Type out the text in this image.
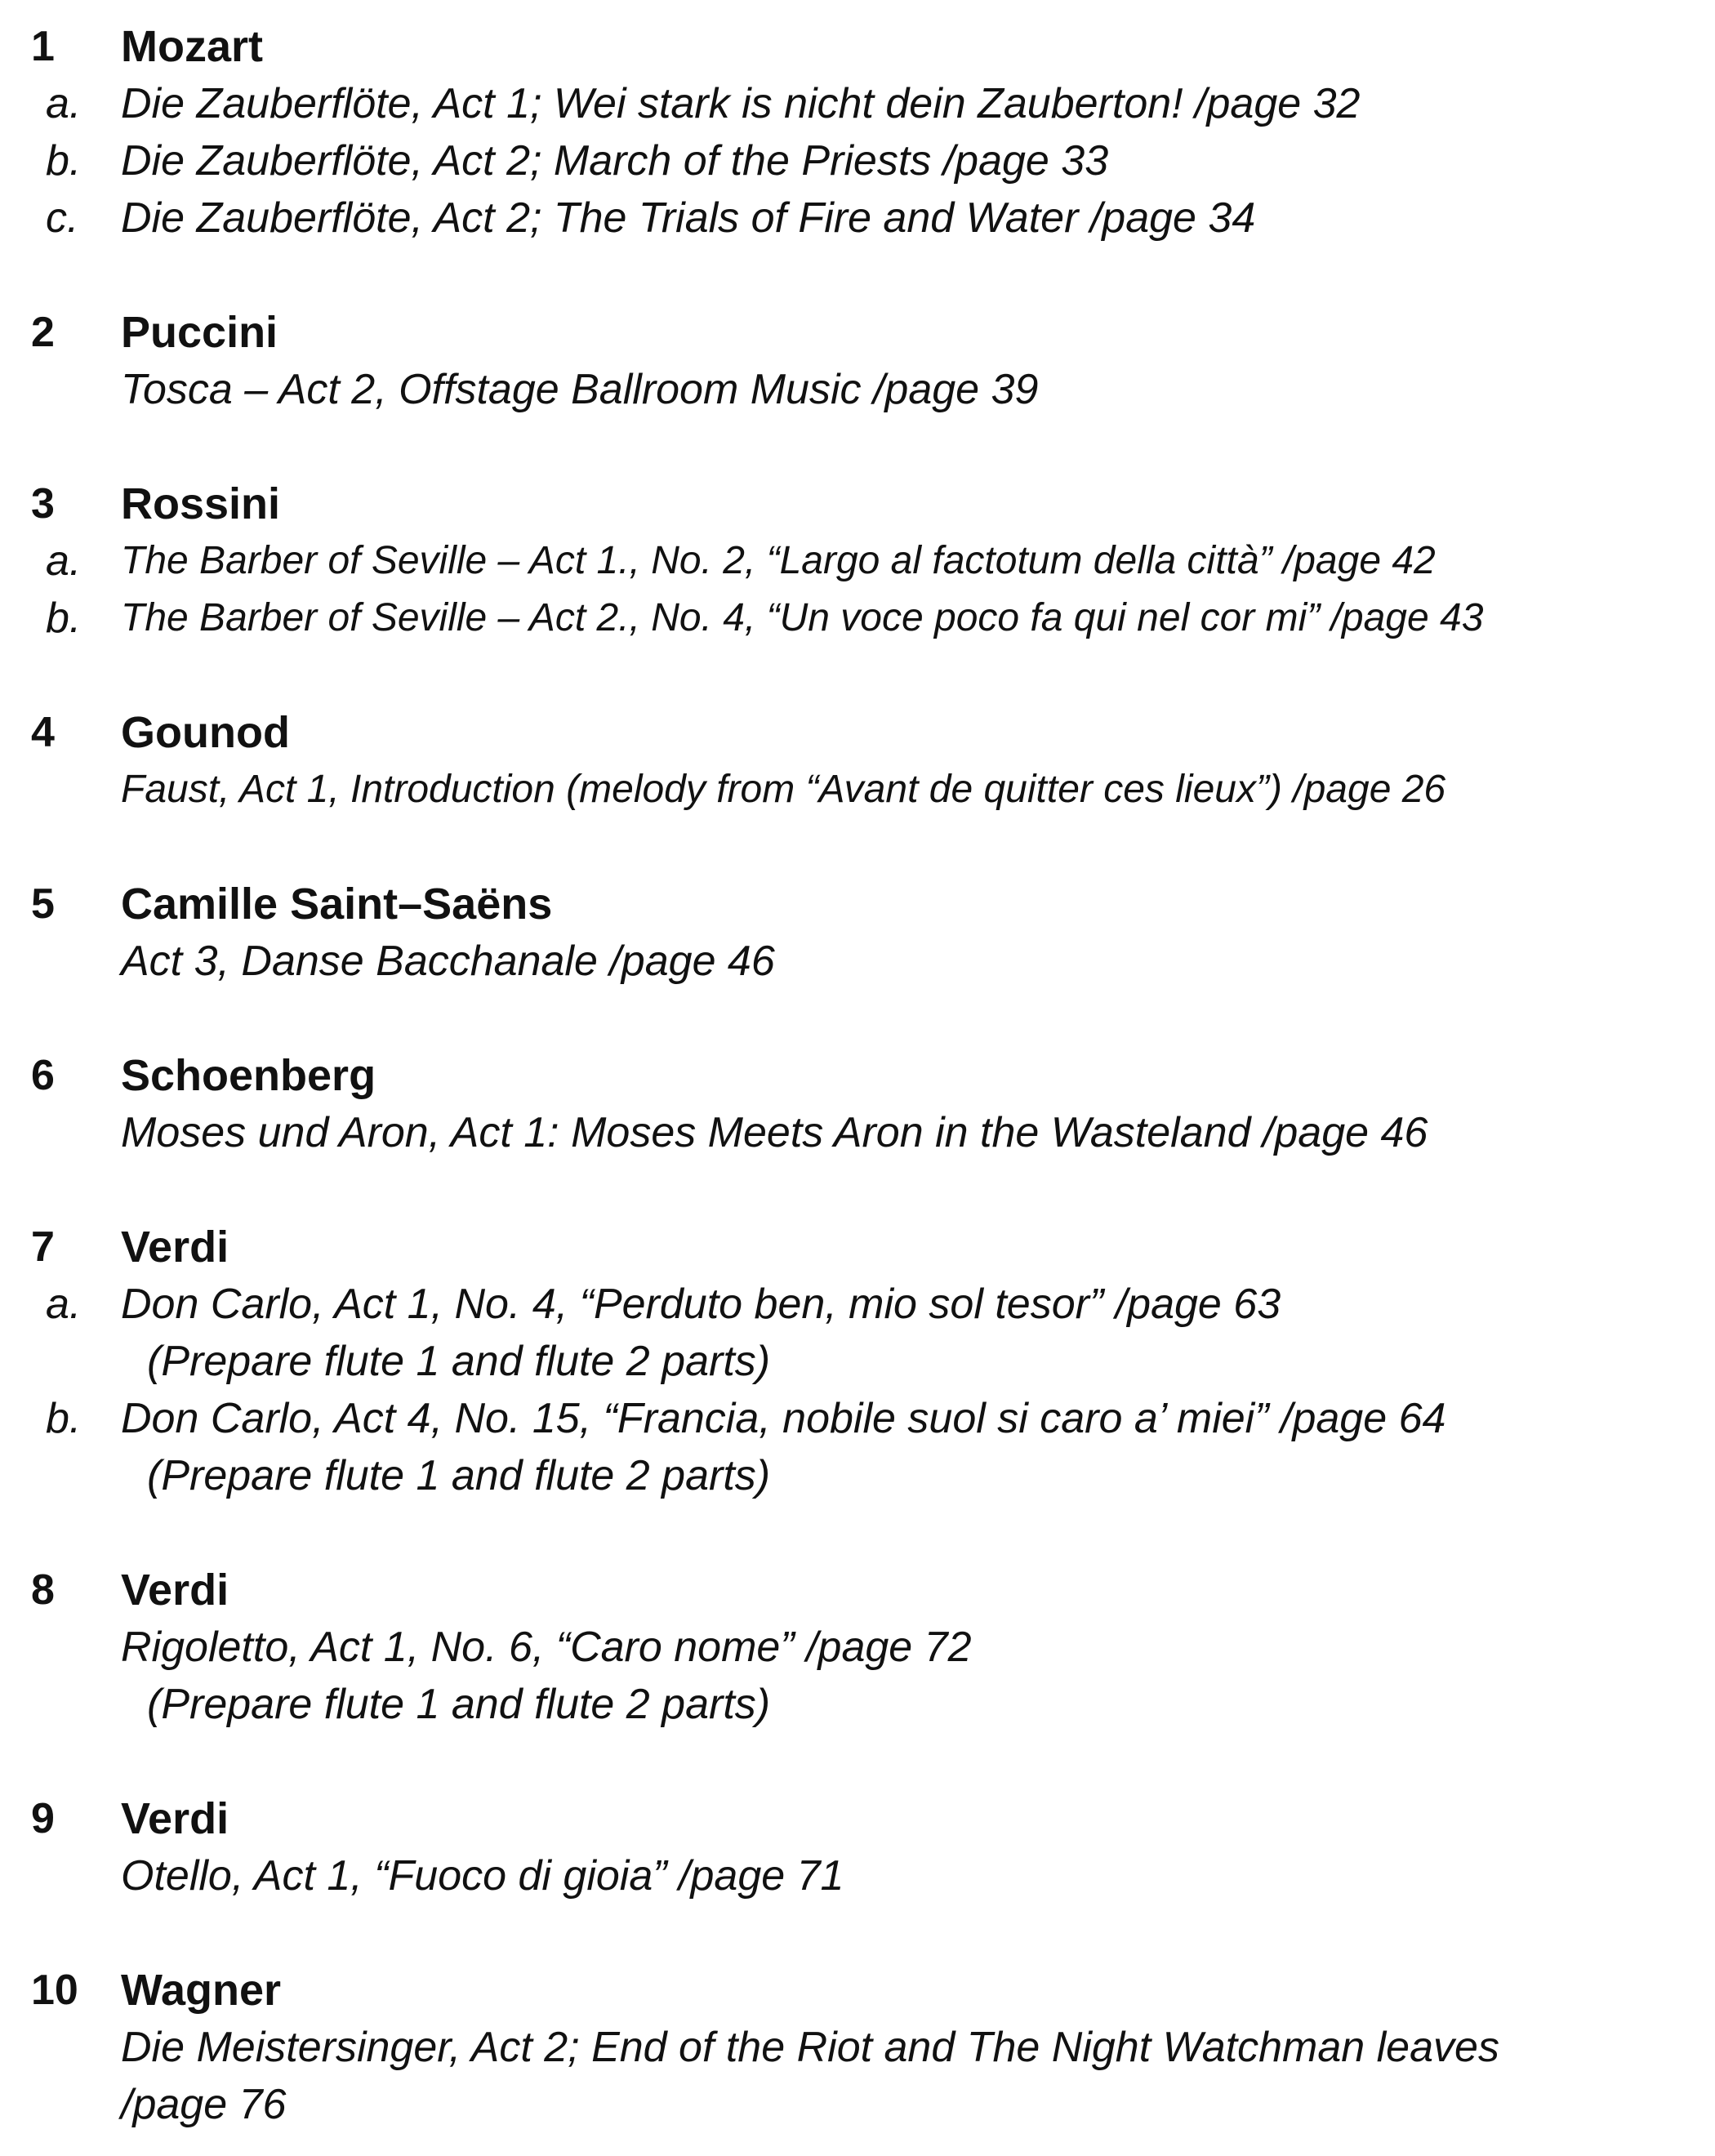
1 Mozart
a. Die Zauberflöte, Act 1; Wei stark is nicht dein Zauberton! /page 32
b. Die Zauberflöte, Act 2; March of the Priests /page 33
c. Die Zauberflöte, Act 2; The Trials of Fire and Water /page 34
2 Puccini
Tosca – Act 2, Offstage Ballroom Music /page 39
3 Rossini
a. The Barber of Seville – Act 1., No. 2, “Largo al factotum della città” /page 42
b. The Barber of Seville – Act 2., No. 4, “Un voce poco fa qui nel cor mi” /page 43
4 Gounod
Faust, Act 1, Introduction (melody from “Avant de quitter ces lieux”) /page 26
5 Camille Saint–Saëns
Act 3, Danse Bacchanale /page 46
6 Schoenberg
Moses und Aron, Act 1: Moses Meets Aron in the Wasteland /page 46
7 Verdi
a. Don Carlo, Act 1, No. 4, “Perduto ben, mio sol tesor” /page 63
(Prepare flute 1 and flute 2 parts)
b. Don Carlo, Act 4, No. 15, “Francia, nobile suol si caro a’ miei” /page 64
(Prepare flute 1 and flute 2 parts)
8 Verdi
Rigoletto, Act 1, No. 6, “Caro nome” /page 72
(Prepare flute 1 and flute 2 parts)
9 Verdi
Otello, Act 1, “Fuoco di gioia” /page 71
10 Wagner
Die Meistersinger, Act 2; End of the Riot and The Night Watchman leaves
/page 76
